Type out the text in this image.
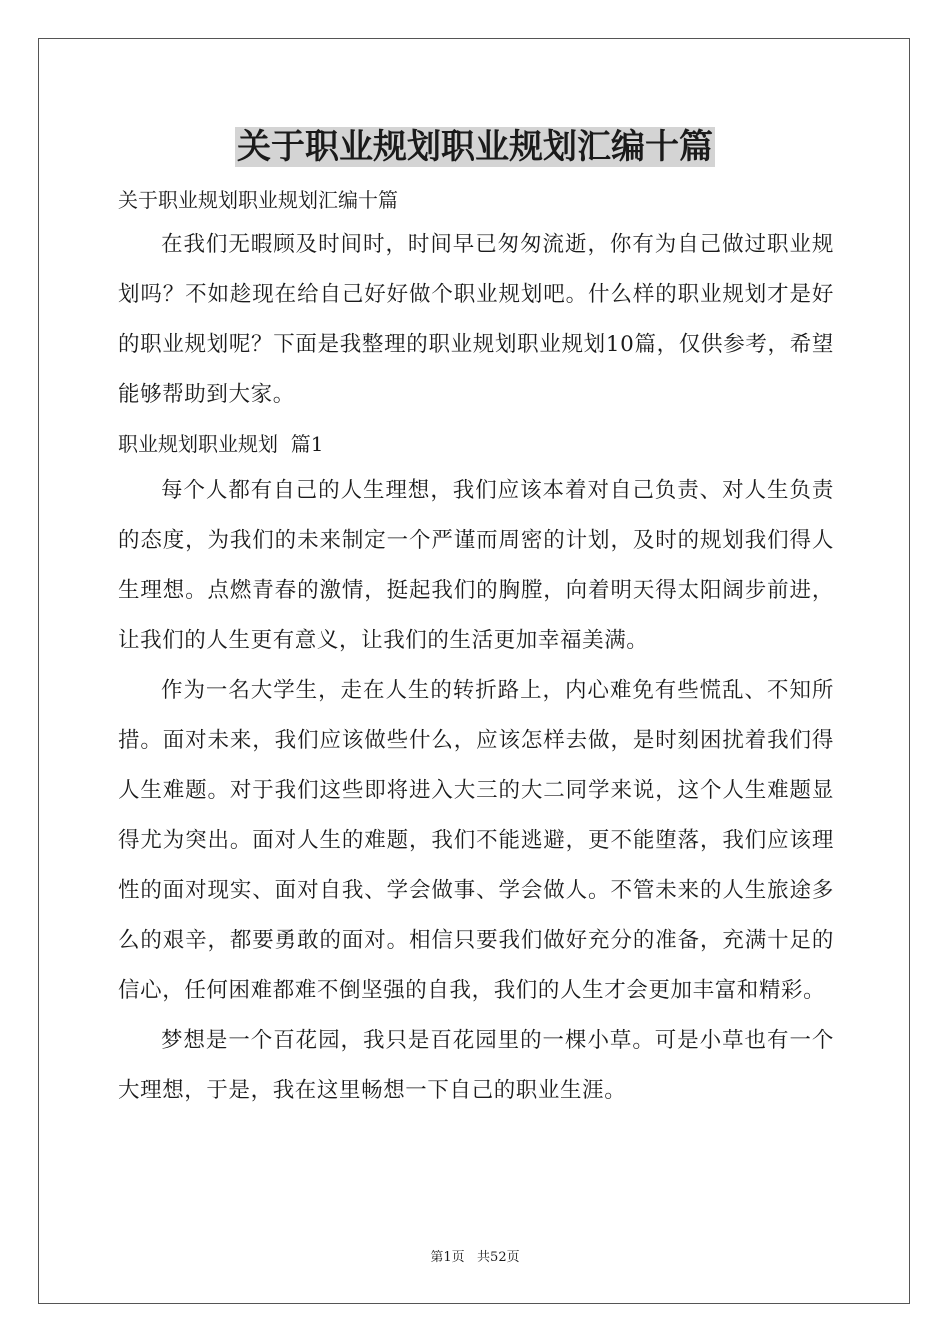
关于职业规划职业规划汇编十篇

关于职业规划职业规划汇编十篇

在我们无暇顾及时间时，时间早已匆匆流逝，你有为自己做过职业规划吗？不如趁现在给自己好好做个职业规划吧。什么样的职业规划才是好的职业规划呢？下面是我整理的职业规划职业规划10篇，仅供参考，希望能够帮助到大家。

职业规划职业规划  篇1

每个人都有自己的人生理想，我们应该本着对自己负责、对人生负责的态度，为我们的未来制定一个严谨而周密的计划，及时的规划我们得人生理想。点燃青春的激情，挺起我们的胸膛，向着明天得太阳阔步前进，让我们的人生更有意义，让我们的生活更加幸福美满。

作为一名大学生，走在人生的转折路上，内心难免有些慌乱、不知所措。面对未来，我们应该做些什么，应该怎样去做，是时刻困扰着我们得人生难题。对于我们这些即将进入大三的大二同学来说，这个人生难题显得尤为突出。面对人生的难题，我们不能逃避，更不能堕落，我们应该理性的面对现实、面对自我、学会做事、学会做人。不管未来的人生旅途多么的艰辛，都要勇敢的面对。相信只要我们做好充分的准备，充满十足的信心，任何困难都难不倒坚强的自我，我们的人生才会更加丰富和精彩。

梦想是一个百花园，我只是百花园里的一棵小草。可是小草也有一个大理想，于是，我在这里畅想一下自己的职业生涯。

第1页   共52页
